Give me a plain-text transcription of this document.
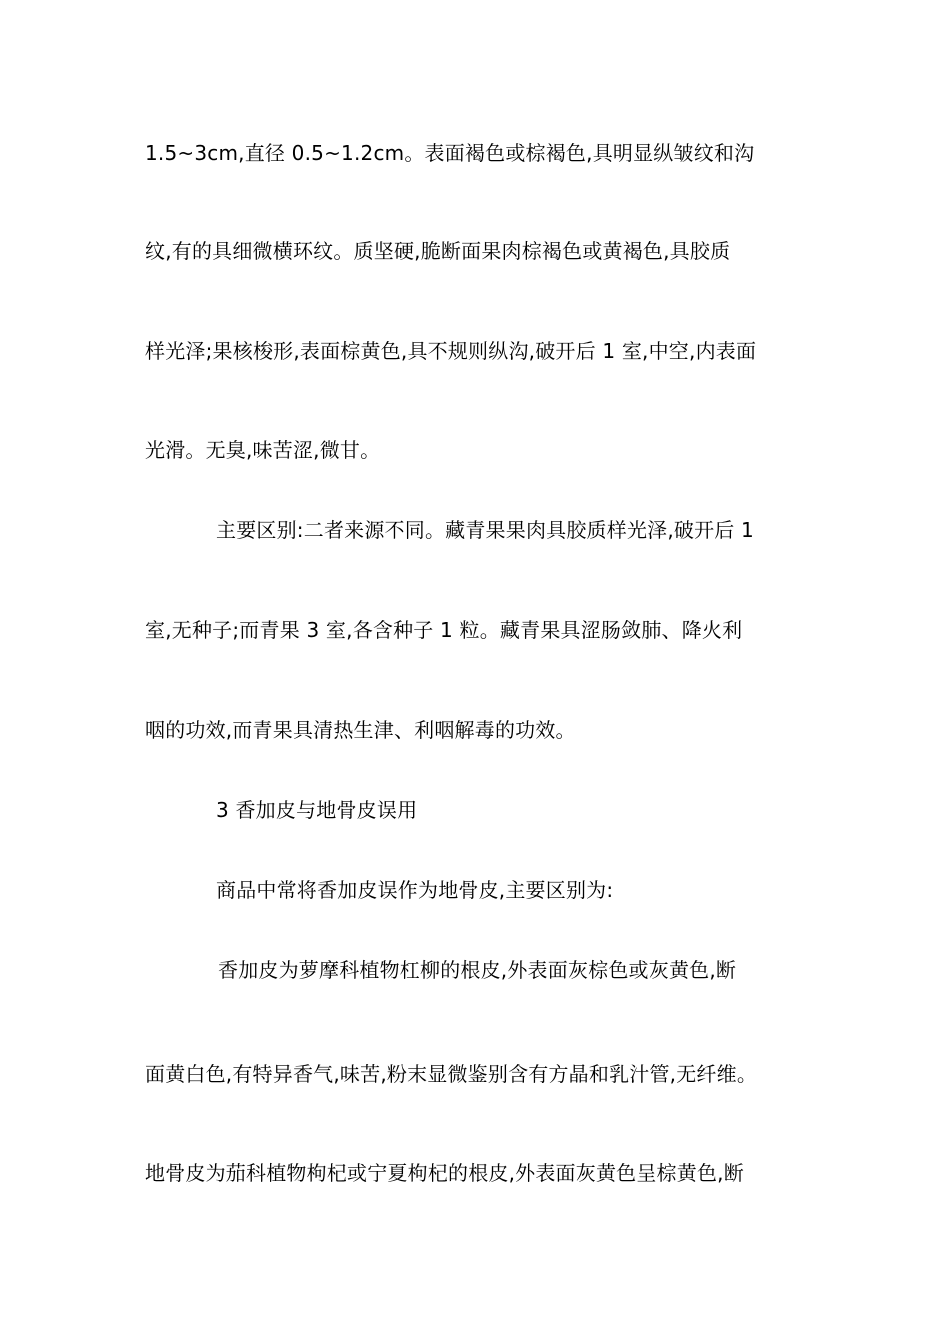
1.5~3cm,直径 0.5~1.2cm。表面褐色或棕褐色,具明显纵皱纹和沟
纹,有的具细微横环纹。质坚硬,脆断面果肉棕褐色或黄褐色,具胶质
样光泽;果核梭形,表面棕黄色,具不规则纵沟,破开后 1 室,中空,内表面
光滑。无臭,味苦涩,微甘。
主要区别:二者来源不同。藏青果果肉具胶质样光泽,破开后 1
室,无种子;而青果 3 室,各含种子 1 粒。藏青果具涩肠敛肺、降火利
咽的功效,而青果具清热生津、利咽解毒的功效。
3 香加皮与地骨皮误用
商品中常将香加皮误作为地骨皮,主要区别为:
香加皮为萝摩科植物杠柳的根皮,外表面灰棕色或灰黄色,断
面黄白色,有特异香气,味苦,粉末显微鉴别含有方晶和乳汁管,无纤维。
地骨皮为茄科植物枸杞或宁夏枸杞的根皮,外表面灰黄色呈棕黄色,断
